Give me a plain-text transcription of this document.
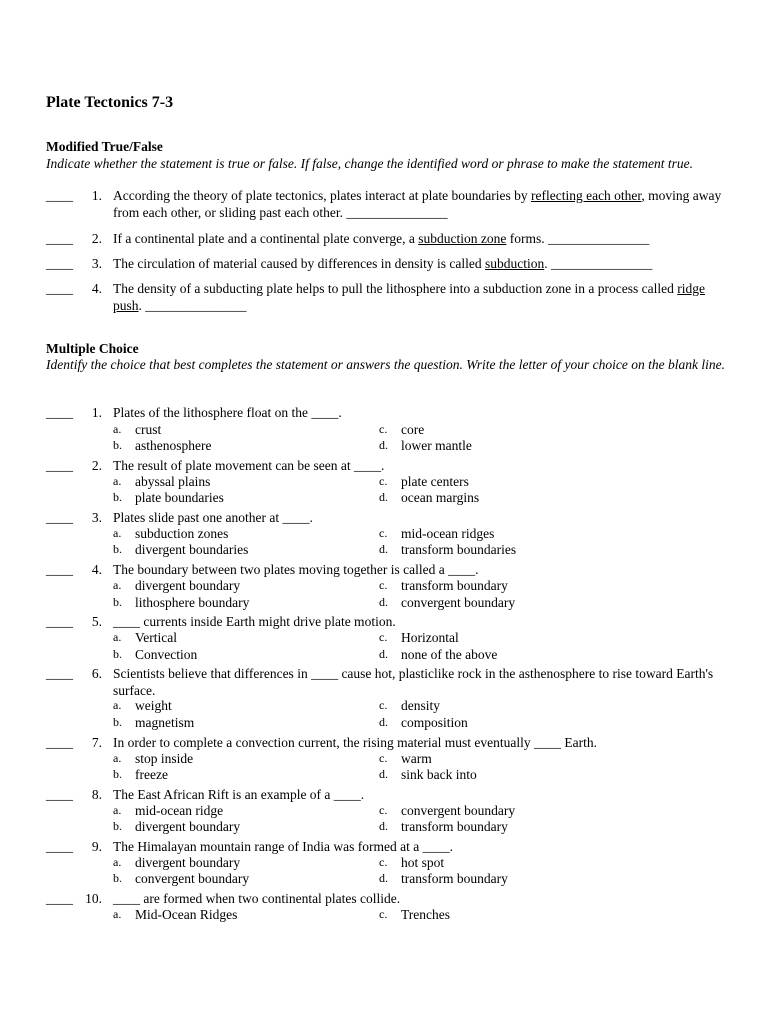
Plate Tectonics 7-3
Modified True/False
Indicate whether the statement is true or false. If false, change the identified word or phrase to make the statement true.
____	1. According the theory of plate tectonics, plates interact at plate boundaries by reflecting each other, moving away from each other, or sliding past each other. _______________
____	2. If a continental plate and a continental plate converge, a subduction zone forms. _______________
____	3. The circulation of material caused by differences in density is called subduction. _______________
____	4. The density of a subducting plate helps to pull the lithosphere into a subduction zone in a process called ridge push. _______________
Multiple Choice
Identify the choice that best completes the statement or answers the question. Write the letter of your choice on the blank line.
____	1. Plates of the lithosphere float on the ____.
a. crust
b. asthenosphere
c. core
d. lower mantle
____	2. The result of plate movement can be seen at ____.
a. abyssal plains
b. plate boundaries
c. plate centers
d. ocean margins
____	3. Plates slide past one another at ____.
a. subduction zones
b. divergent boundaries
c. mid-ocean ridges
d. transform boundaries
____	4. The boundary between two plates moving together is called a ____.
a. divergent boundary
b. lithosphere boundary
c. transform boundary
d. convergent boundary
____	5. ____ currents inside Earth might drive plate motion.
a. Vertical
b. Convection
c. Horizontal
d. none of the above
____	6. Scientists believe that differences in ____ cause hot, plasticlike rock in the asthenosphere to rise toward Earth's surface.
a. weight
b. magnetism
c. density
d. composition
____	7. In order to complete a convection current, the rising material must eventually ____ Earth.
a. stop inside
b. freeze
c. warm
d. sink back into
____	8. The East African Rift is an example of a ____.
a. mid-ocean ridge
b. divergent boundary
c. convergent boundary
d. transform boundary
____	9. The Himalayan mountain range of India was formed at a ____.
a. divergent boundary
b. convergent boundary
c. hot spot
d. transform boundary
____ 10. ____ are formed when two continental plates collide.
a. Mid-Ocean Ridges	c. Trenches
